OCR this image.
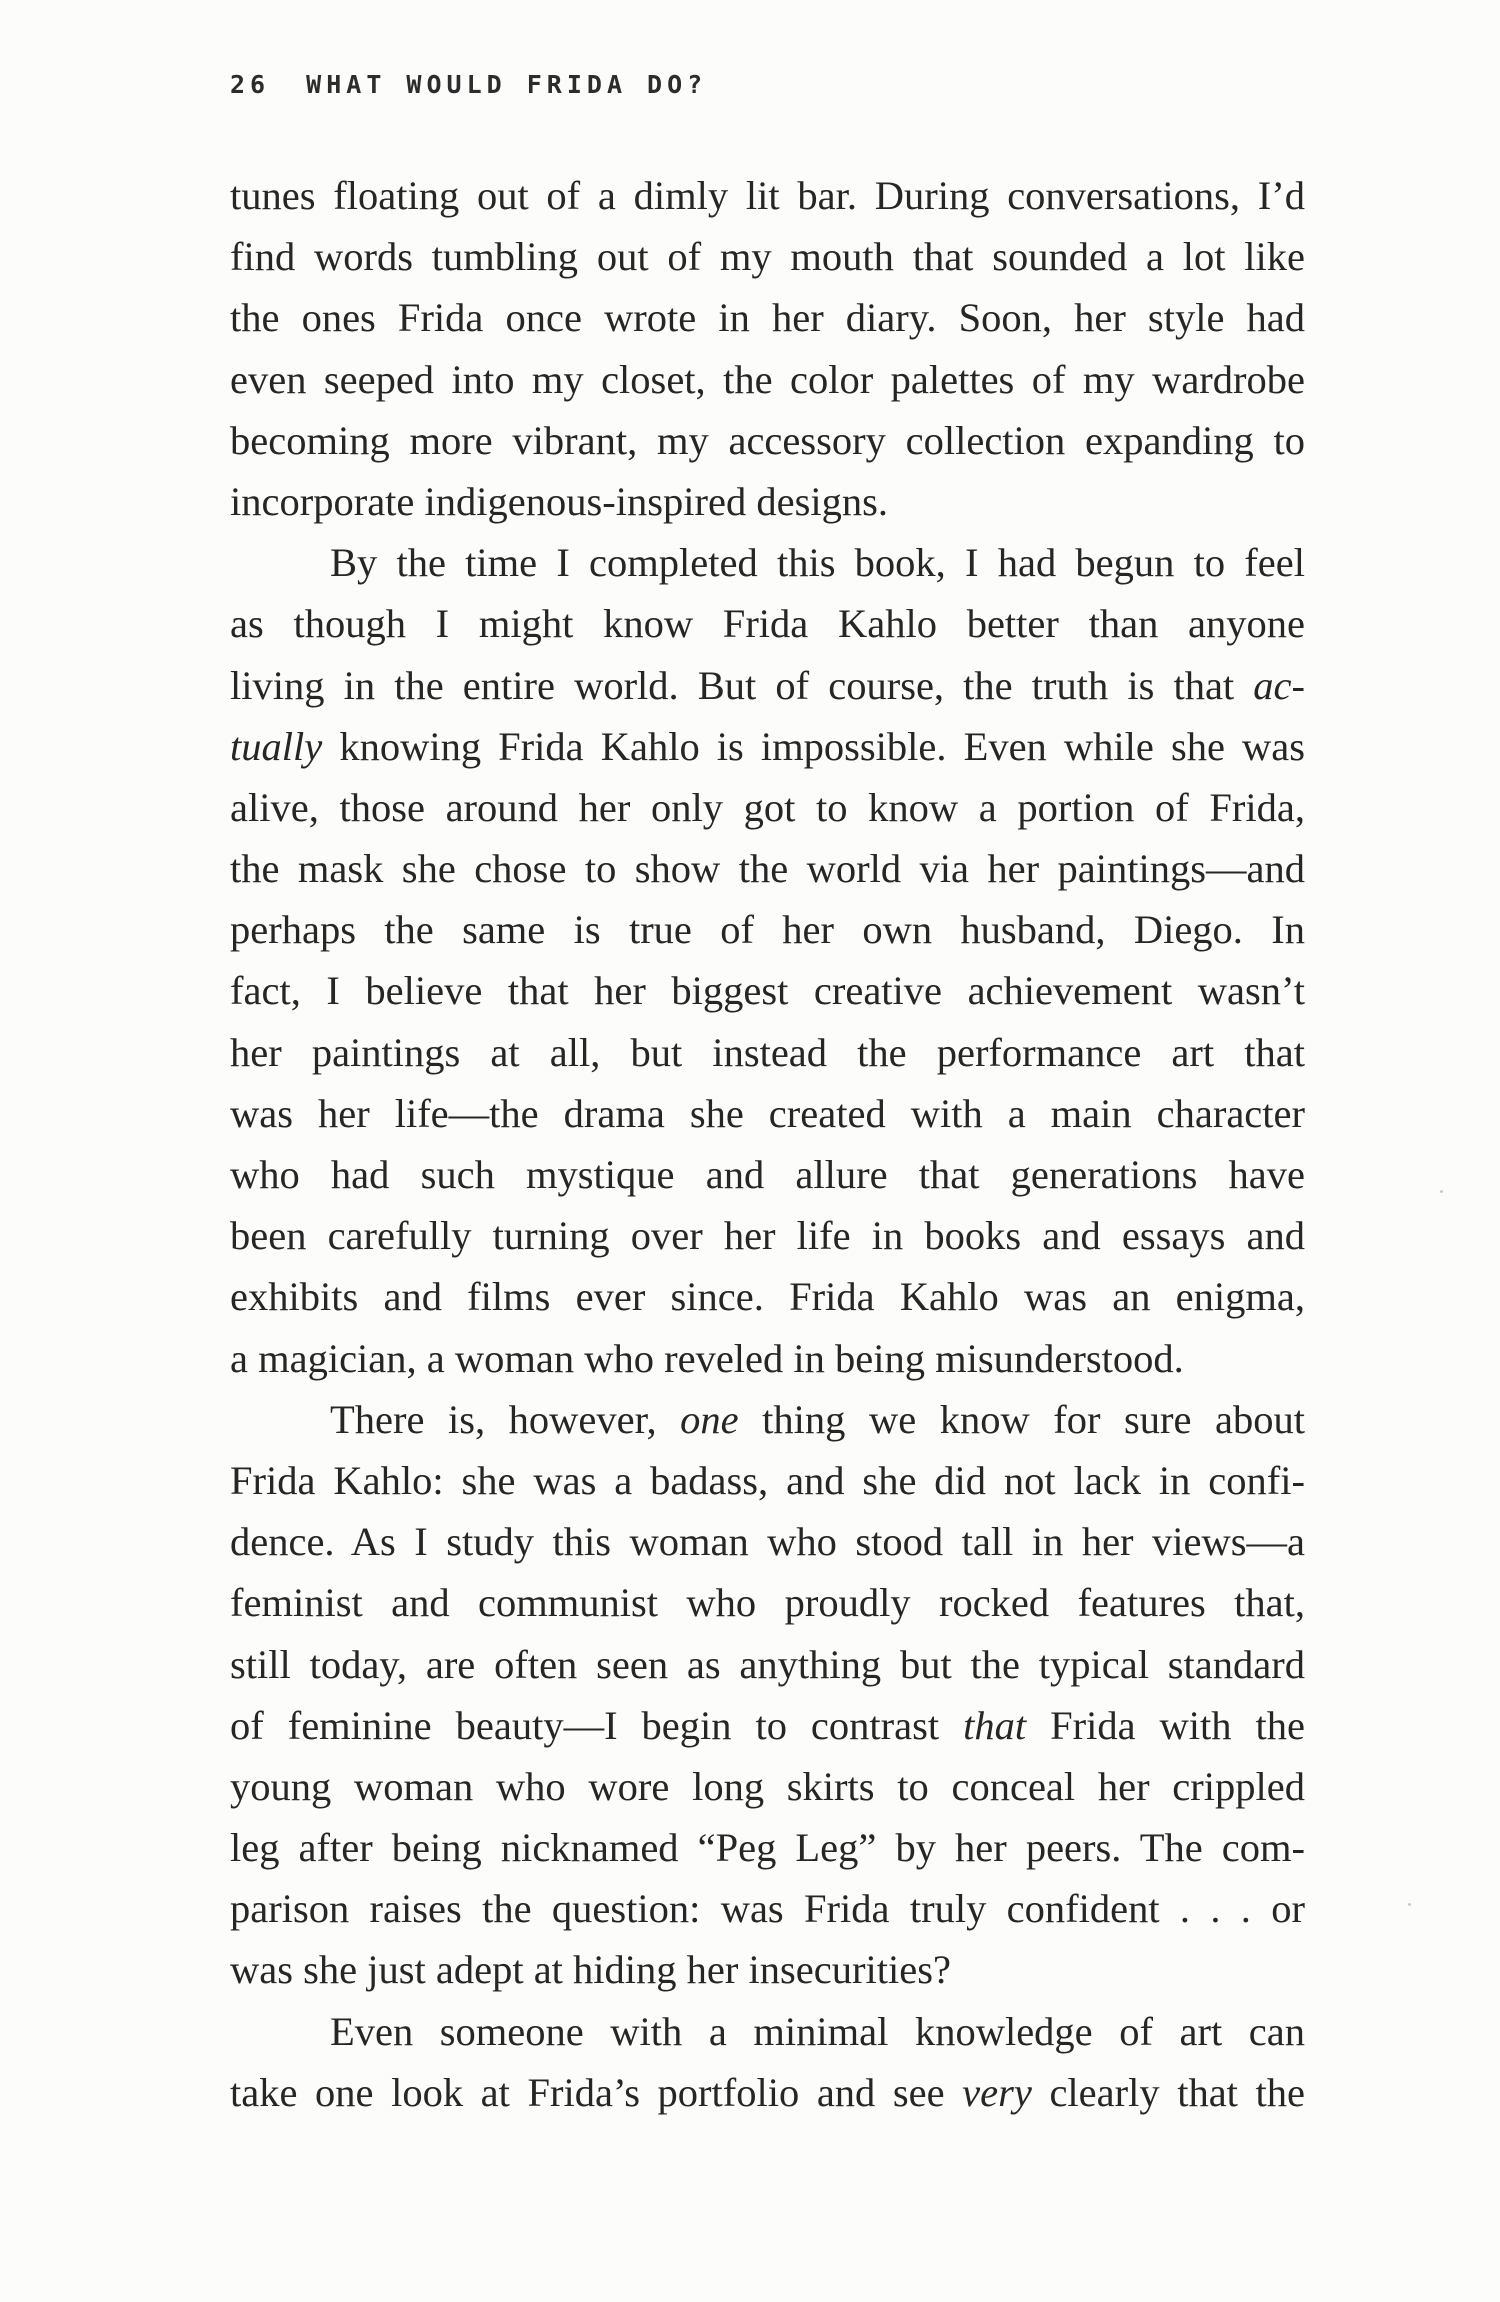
26 WHAT WOULD FRIDA DO?
tunes floating out of a dimly lit bar. During conversations, I’d
find words tumbling out of my mouth that sounded a lot like
the ones Frida once wrote in her diary. Soon, her style had
even seeped into my closet, the color palettes of my wardrobe
becoming more vibrant, my accessory collection expanding to
incorporate indigenous-inspired designs.
By the time I completed this book, I had begun to feel
as though I might know Frida Kahlo better than anyone
living in the entire world. But of course, the truth is that ac-
tually knowing Frida Kahlo is impossible. Even while she was
alive, those around her only got to know a portion of Frida,
the mask she chose to show the world via her paintings—and
perhaps the same is true of her own husband, Diego. In
fact, I believe that her biggest creative achievement wasn’t
her paintings at all, but instead the performance art that
was her life—the drama she created with a main character
who had such mystique and allure that generations have
been carefully turning over her life in books and essays and
exhibits and films ever since. Frida Kahlo was an enigma,
a magician, a woman who reveled in being misunderstood.
There is, however, one thing we know for sure about
Frida Kahlo: she was a badass, and she did not lack in confi-
dence. As I study this woman who stood tall in her views—a
feminist and communist who proudly rocked features that,
still today, are often seen as anything but the typical standard
of feminine beauty—I begin to contrast that Frida with the
young woman who wore long skirts to conceal her crippled
leg after being nicknamed “Peg Leg” by her peers. The com-
parison raises the question: was Frida truly confident . . . or
was she just adept at hiding her insecurities?
Even someone with a minimal knowledge of art can
take one look at Frida’s portfolio and see very clearly that the
